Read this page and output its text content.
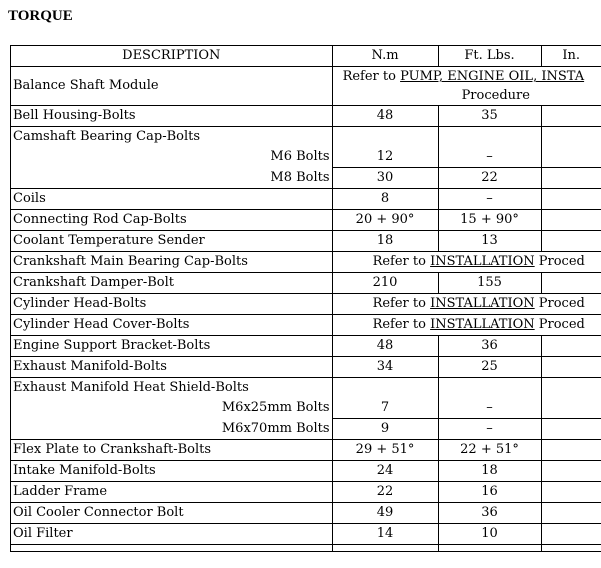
TORQUE
DESCRIPTION	N.m	Ft. Lbs.	In.
Balance Shaft Module	Refer to PUMP, ENGINE OIL, INSTA
Procedure		

Bell Housing-Bolts	48	35	
Camshaft Bearing Cap-Bolts			
M6 Bolts	12	–	
M8 Bolts	30	22	
Coils	8	–	
Connecting Rod Cap-Bolts	20 + 90°	15 + 90°	
Coolant Temperature Sender	18	13	
Crankshaft Main Bearing Cap-Bolts	Refer to INSTALLATION Proced		
Crankshaft Damper-Bolt	210	155	
Cylinder Head-Bolts	Refer to INSTALLATION Proced		
Cylinder Head Cover-Bolts	Refer to INSTALLATION Proced		
Engine Support Bracket-Bolts	48	36	
Exhaust Manifold-Bolts	34	25	
Exhaust Manifold Heat Shield-Bolts			
M6x25mm Bolts	7	–	
M6x70mm Bolts	9	–	
Flex Plate to Crankshaft-Bolts	29 + 51°	22 + 51°	
Intake Manifold-Bolts	24	18	
Ladder Frame	22	16	
Oil Cooler Connector Bolt	49	36	
Oil Filter	14	10	
